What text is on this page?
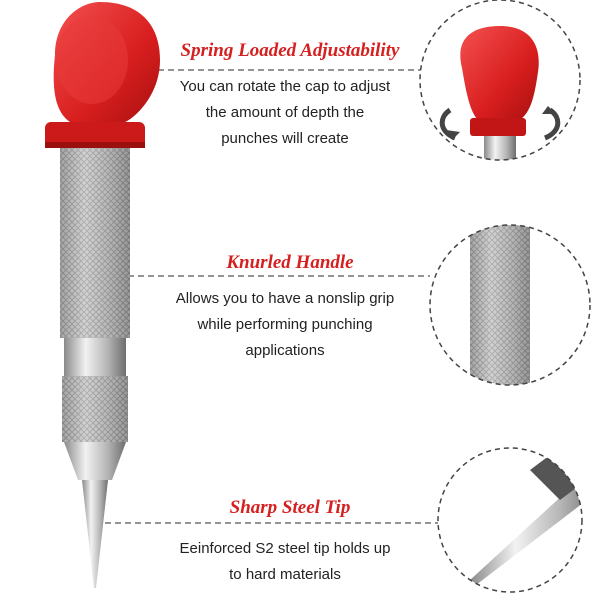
Spring Loaded Adjustability
You can rotate the cap to adjust
the amount of depth the
punches will create
Knurled Handle
Allows you to have a nonslip grip
while performing punching
applications
Sharp Steel Tip
Eeinforced S2 steel tip holds up
to hard materials
